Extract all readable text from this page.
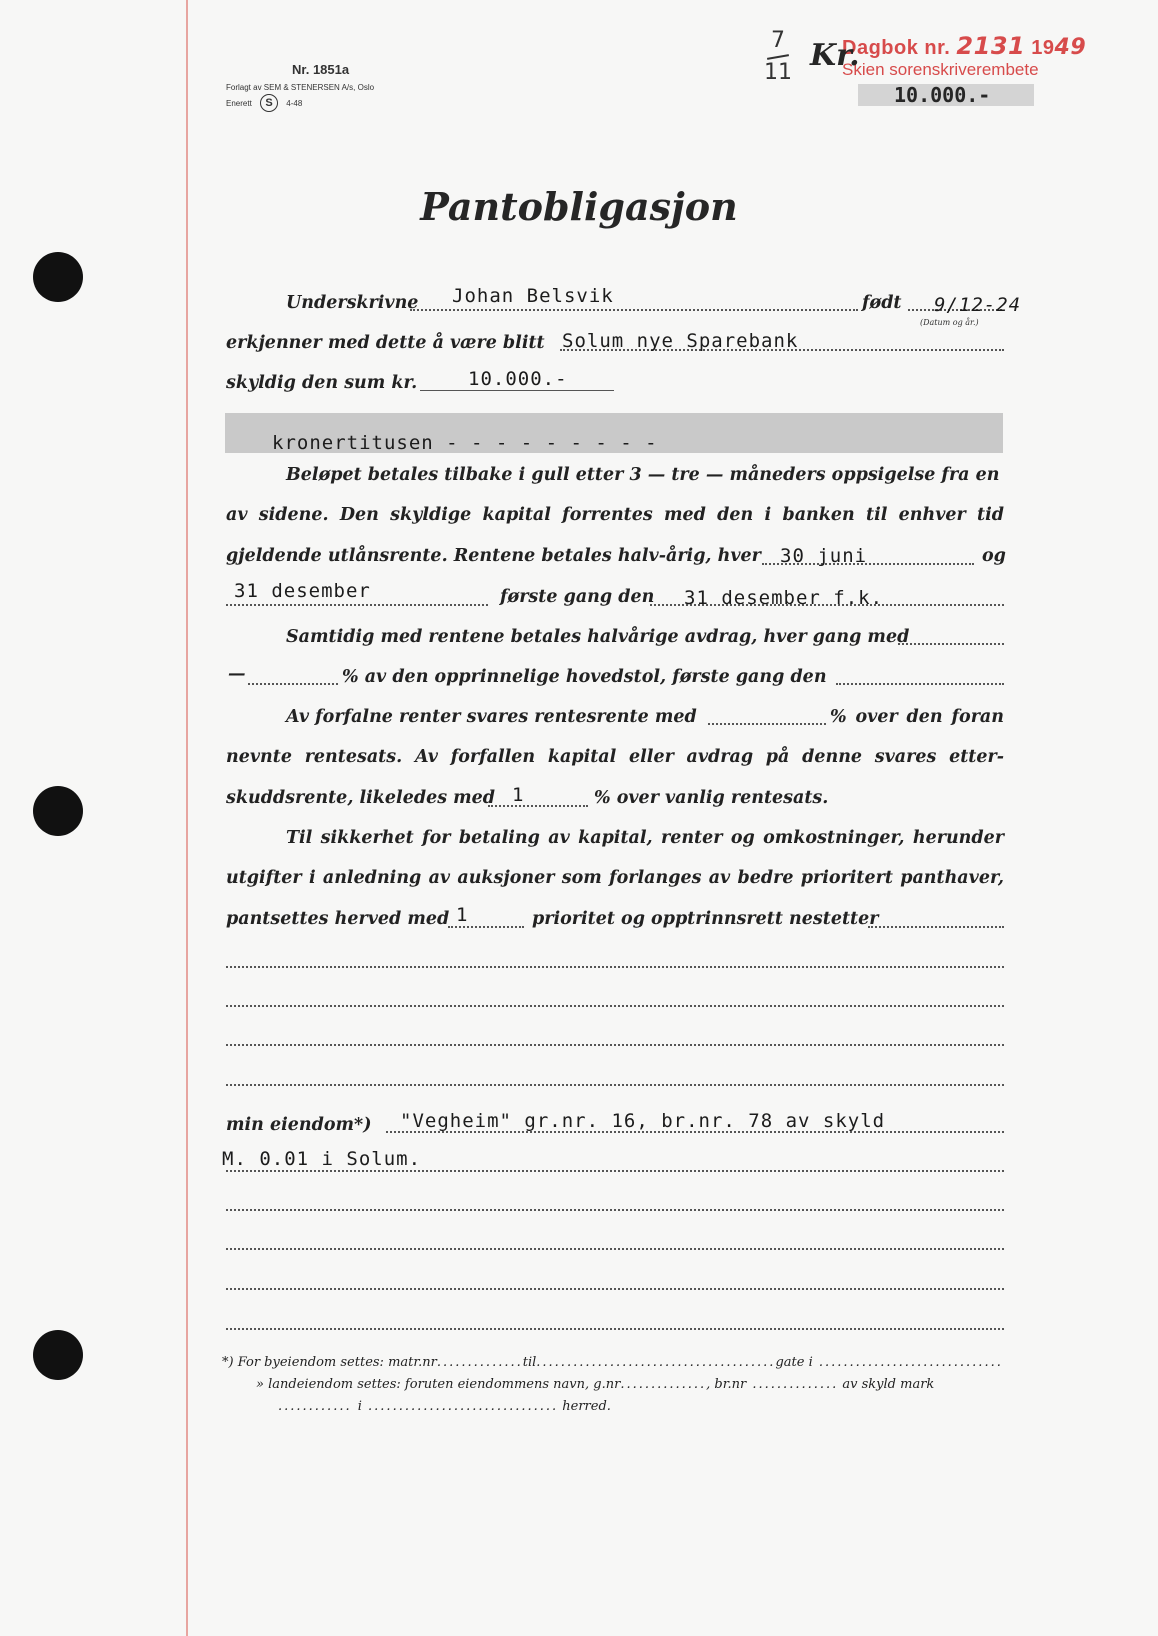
Nr. 1851a
Forlagt av SEM & STENERSEN A/s, Oslo
Enerett S 4-48
7
11
Dagbok nr. 2131 1949
Skien sorenskriverembete
Kr.
10.000.-
Pantobligasjon
Underskrivne Johan Belsvik	født 9/12-24
(Datum og år.)
erkjenner med dette å være blitt Solum nye Sparebank
skyldig den sum kr.	10.000.-
kronertitusen - - - - - - - - -
Beløpet betales tilbake i gull etter 3 — tre — måneders oppsigelse fra en
av sidene. Den skyldige kapital forrentes med den i banken til enhver tid
gjeldende utlånsrente. Rentene betales halv-årig, hver 30 juni	og
31 desember	første gang den 31 desember f.k.
Samtidig med rentene betales halvårige avdrag, hver gang med
—	% av den opprinnelige hovedstol, første gang den
Av forfalne renter svares rentesrente med	% over den foran
nevnte rentesats. Av forfallen kapital eller avdrag på denne svares etter-
skuddsrente, likeledes med 1	% over vanlig rentesats.
Til sikkerhet for betaling av kapital, renter og omkostninger, herunder
utgifter i anledning av auksjoner som forlanges av bedre prioritert panthaver,
pantsettes herved med 1	prioritet og opptrinnsrett nestetter
min eiendom*) "Vegheim" gr.nr. 16, br.nr. 78 av skyld
M. 0.01 i Solum.
*) For byeiendom settes: matr.nr..............til.......................................gate i ..............................
» landeiendom settes: foruten eiendommens navn, g.nr.............., br.nr .............. av skyld mark
............ i ............................... herred.
